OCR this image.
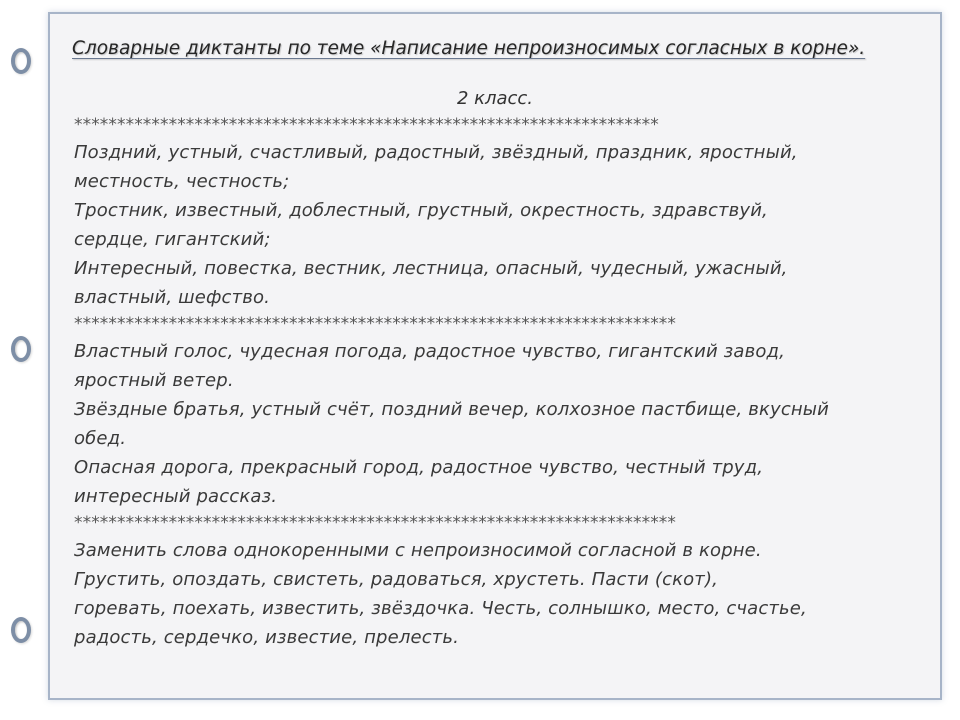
Словарные диктанты по теме «Написание непроизносимых согласных в корне».
2 класс.
********************************************************************
Поздний, устный, счастливый, радостный, звёздный, праздник, яростный,
местность, честность;
Тростник, известный, доблестный, грустный, окрестность, здравствуй,
сердце, гигантский;
Интересный, повестка, вестник, лестница, опасный, чудесный, ужасный,
властный, шефство.
**********************************************************************
Властный голос, чудесная погода, радостное чувство, гигантский завод,
яростный ветер.
Звёздные братья, устный счёт, поздний вечер, колхозное пастбище, вкусный
обед.
Опасная дорога, прекрасный город, радостное чувство, честный труд,
интересный рассказ.
**********************************************************************
Заменить слова однокоренными с непроизносимой согласной в корне.
Грустить, опоздать, свистеть, радоваться, хрустеть. Пасти (скот),
горевать, поехать, известить, звёздочка. Честь, солнышко, место, счастье,
радость, сердечко, известие, прелесть.
